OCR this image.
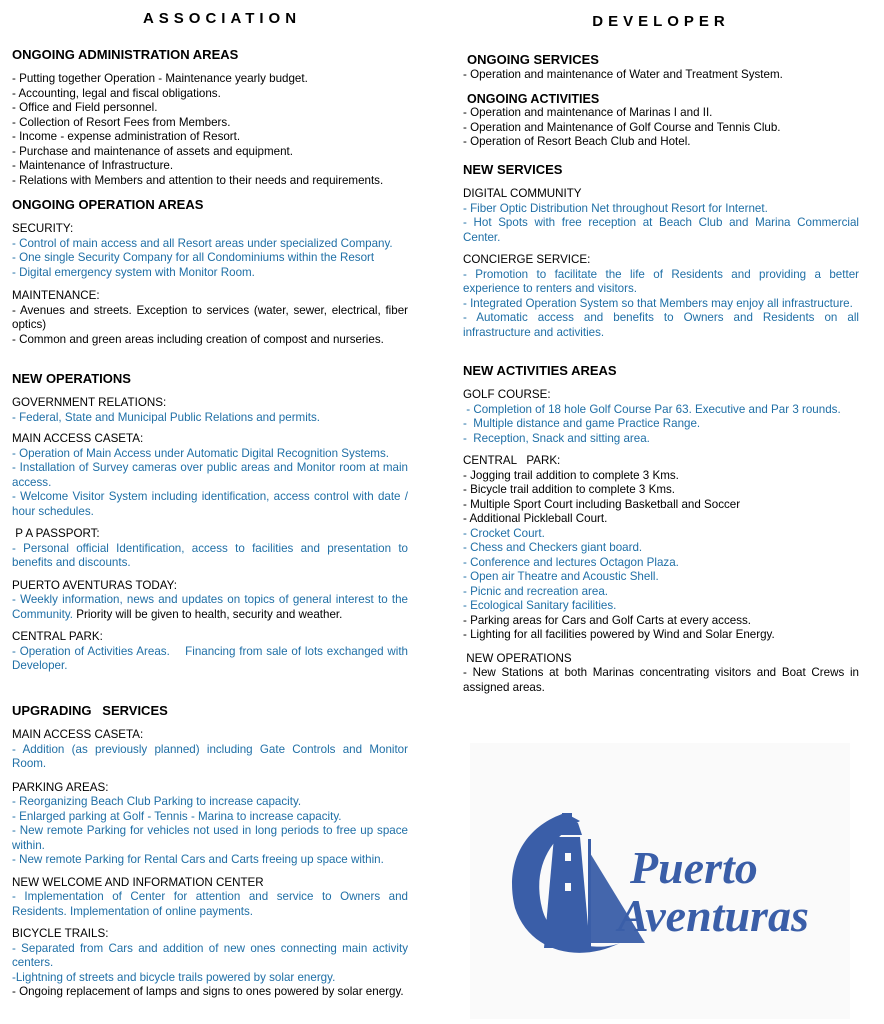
ASSOCIATION
ONGOING ADMINISTRATION AREAS
- Putting together Operation - Maintenance yearly budget.
- Accounting, legal and fiscal obligations.
- Office and Field personnel.
- Collection of Resort Fees from Members.
- Income - expense administration of Resort.
- Purchase and maintenance of assets and equipment.
- Maintenance of Infrastructure.
- Relations with Members and attention to their needs and requirements.
ONGOING OPERATION AREAS
SECURITY:
- Control of main access and all Resort areas under specialized Company.
- One single Security Company for all Condominiums within the Resort
- Digital emergency system with Monitor Room.
MAINTENANCE:
- Avenues and streets. Exception to services (water, sewer, electrical, fiber optics)
- Common and green areas including creation of compost and nurseries.
NEW OPERATIONS
GOVERNMENT RELATIONS:
- Federal, State and Municipal Public Relations and permits.
MAIN ACCESS CASETA:
- Operation of Main Access under Automatic Digital Recognition Systems.
- Installation of Survey cameras over public areas and Monitor room at main access.
- Welcome Visitor System including identification, access control with date / hour schedules.
P A PASSPORT:
- Personal official Identification, access to facilities and presentation to benefits and discounts.
PUERTO AVENTURAS TODAY:
- Weekly information, news and updates on topics of general interest to the Community. Priority will be given to health, security and weather.
CENTRAL PARK:
- Operation of Activities Areas.    Financing from sale of lots exchanged with Developer.
UPGRADING   SERVICES
MAIN ACCESS CASETA:
- Addition (as previously planned) including Gate Controls and Monitor Room.
PARKING AREAS:
- Reorganizing Beach Club Parking to increase capacity.
- Enlarged parking at Golf - Tennis - Marina to increase capacity.
- New remote Parking for vehicles not used in long periods to free up space within.
- New remote Parking for Rental Cars and Carts freeing up space within.
NEW WELCOME AND INFORMATION CENTER
- Implementation of Center for attention and service to Owners and Residents. Implementation of online payments.
BICYCLE TRAILS:
- Separated from Cars and addition of new ones connecting main activity centers.
-Lightning of streets and bicycle trails powered by solar energy.
- Ongoing replacement of lamps and signs to ones powered by solar energy.
DEVELOPER
ONGOING SERVICES
- Operation and maintenance of Water and Treatment System.
ONGOING ACTIVITIES
- Operation and maintenance of Marinas I and II.
- Operation and Maintenance of Golf Course and Tennis Club.
- Operation of Resort Beach Club and Hotel.
NEW SERVICES
DIGITAL COMMUNITY
- Fiber Optic Distribution Net throughout Resort for Internet.
- Hot Spots with free reception at Beach Club and Marina Commercial Center.
CONCIERGE SERVICE:
- Promotion to facilitate the life of Residents and providing a better experience to renters and visitors.
- Integrated Operation System so that Members may enjoy all infrastructure.
- Automatic access and benefits to Owners and Residents on all infrastructure and activities.
NEW ACTIVITIES AREAS
GOLF COURSE:
- Completion of 18 hole Golf Course Par 63. Executive and Par 3 rounds.
-  Multiple distance and game Practice Range.
-  Reception, Snack and sitting area.
CENTRAL   PARK:
- Jogging trail addition to complete 3 Kms.
- Bicycle trail addition to complete 3 Kms.
- Multiple Sport Court including Basketball and Soccer
- Additional Pickleball Court.
- Crocket Court.
- Chess and Checkers giant board.
- Conference and lectures Octagon Plaza.
- Open air Theatre and Acoustic Shell.
- Picnic and recreation area.
- Ecological Sanitary facilities.
- Parking areas for Cars and Golf Carts at every access.
- Lighting for all facilities powered by Wind and Solar Energy.
NEW OPERATIONS
- New Stations at both Marinas concentrating visitors and Boat Crews in assigned areas.
Puerto
Aventuras
